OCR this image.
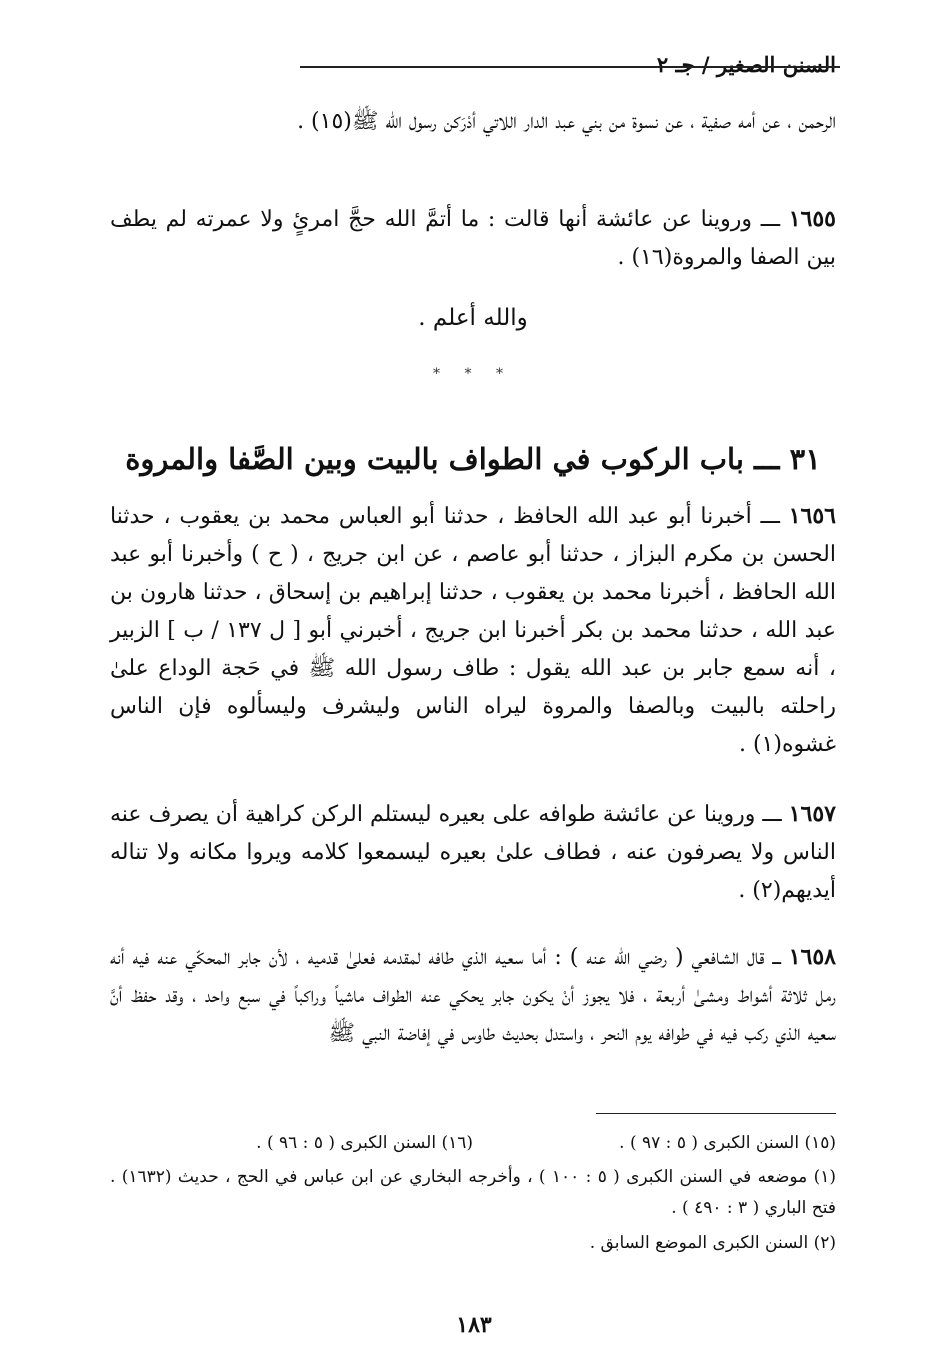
السنن الصغير / جـ ٢

الرحمن ، عن أمه صفية ، عن نسوة من بني عبد الدار اللاتي أدْرَكن رسول الله ﷺ(١٥) .

١٦٥٥ ـــ وروينا عن عائشة أنها قالت : ما أتمَّ الله حجَّ امرئٍ ولا عمرته لم يطف بين الصفا والمروة(١٦) .

والله أعلم .
* * *
٣١ ـــ باب الركوب في الطواف بالبيت وبين الصَّفا والمروة

١٦٥٦ ـــ أخبرنا أبو عبد الله الحافظ ، حدثنا أبو العباس محمد بن يعقوب ، حدثنا الحسن بن مكرم البزاز ، حدثنا أبو عاصم ، عن ابن جريج ، ( ح ) وأخبرنا أبو عبد الله الحافظ ، أخبرنا محمد بن يعقوب ، حدثنا إبراهيم بن إسحاق ، حدثنا هارون بن عبد الله ، حدثنا محمد بن بكر أخبرنا ابن جريج ، أخبرني أبو [ ل ١٣٧ / ب ] الزبير ، أنه سمع جابر بن عبد الله يقول : طاف رسول الله ﷺ في حَجة الوداع علىٰ راحلته بالبيت وبالصفا والمروة ليراه الناس وليشرف وليسألوه فإن الناس غشوه(١) .

١٦٥٧ ـــ وروينا عن عائشة طوافه على بعيره ليستلم الركن كراهية أن يصرف عنه الناس ولا يصرفون عنه ، فطاف علىٰ بعيره ليسمعوا كلامه ويروا مكانه ولا تناله أيديهم(٢) .

١٦٥٨ ـــ قال الشافعي ( رضي الله عنه ) : أما سعيه الذي طافه لمقدمه فعلىٰ قدميه ، لأن جابر المحكّي عنه فيه أنه رمل ثلاثة أشواط ومشىٰ أربعة ، فلا يجوز أنْ يكون جابر يحكي عنه الطواف ماشياً وراكباً في سبع واحد ، وقد حفظ أنَّ سعيه الذي ركب فيه في طوافه يوم النحر ، واستدل بحديث طاوس في إفاضة النبي ﷺ

(١٥) السنن الكبرى ( ٥ : ٩٧ ) .
(١٦) السنن الكبرى ( ٥ : ٩٦ ) .
(١) موضعه في السنن الكبرى ( ٥ : ١٠٠ ) ، وأخرجه البخاري عن ابن عباس في الحج ، حديث (١٦٣٢) . فتح الباري ( ٣ : ٤٩٠ ) .
(٢) السنن الكبرى الموضع السابق .
١٨٣
